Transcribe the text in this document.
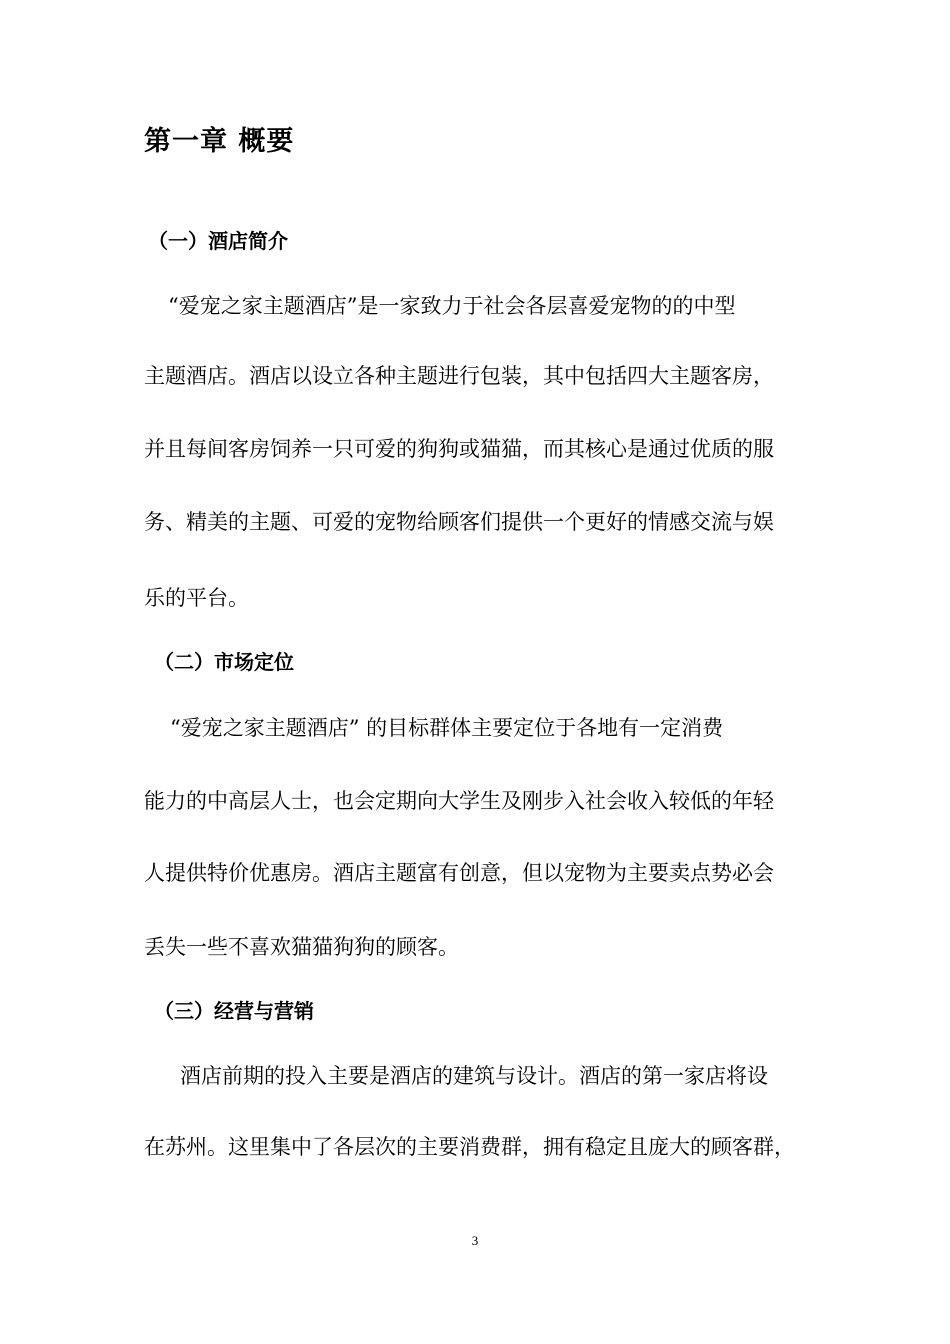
第一章 概要
（一）酒店简介

“爱宠之家主题酒店”是一家致力于社会各层喜爱宠物的的中型

主题酒店。酒店以设立各种主题进行包装，其中包括四大主题客房，

并且每间客房饲养一只可爱的狗狗或猫猫，而其核心是通过优质的服

务、精美的主题、可爱的宠物给顾客们提供一个更好的情感交流与娱

乐的平台。

（二）市场定位

“爱宠之家主题酒店” 的目标群体主要定位于各地有一定消费

能力的中高层人士，也会定期向大学生及刚步入社会收入较低的年轻

人提供特价优惠房。酒店主题富有创意，但以宠物为主要卖点势必会

丢失一些不喜欢猫猫狗狗的顾客。

（三）经营与营销

酒店前期的投入主要是酒店的建筑与设计。酒店的第一家店将设

在苏州。这里集中了各层次的主要消费群，拥有稳定且庞大的顾客群，

3
